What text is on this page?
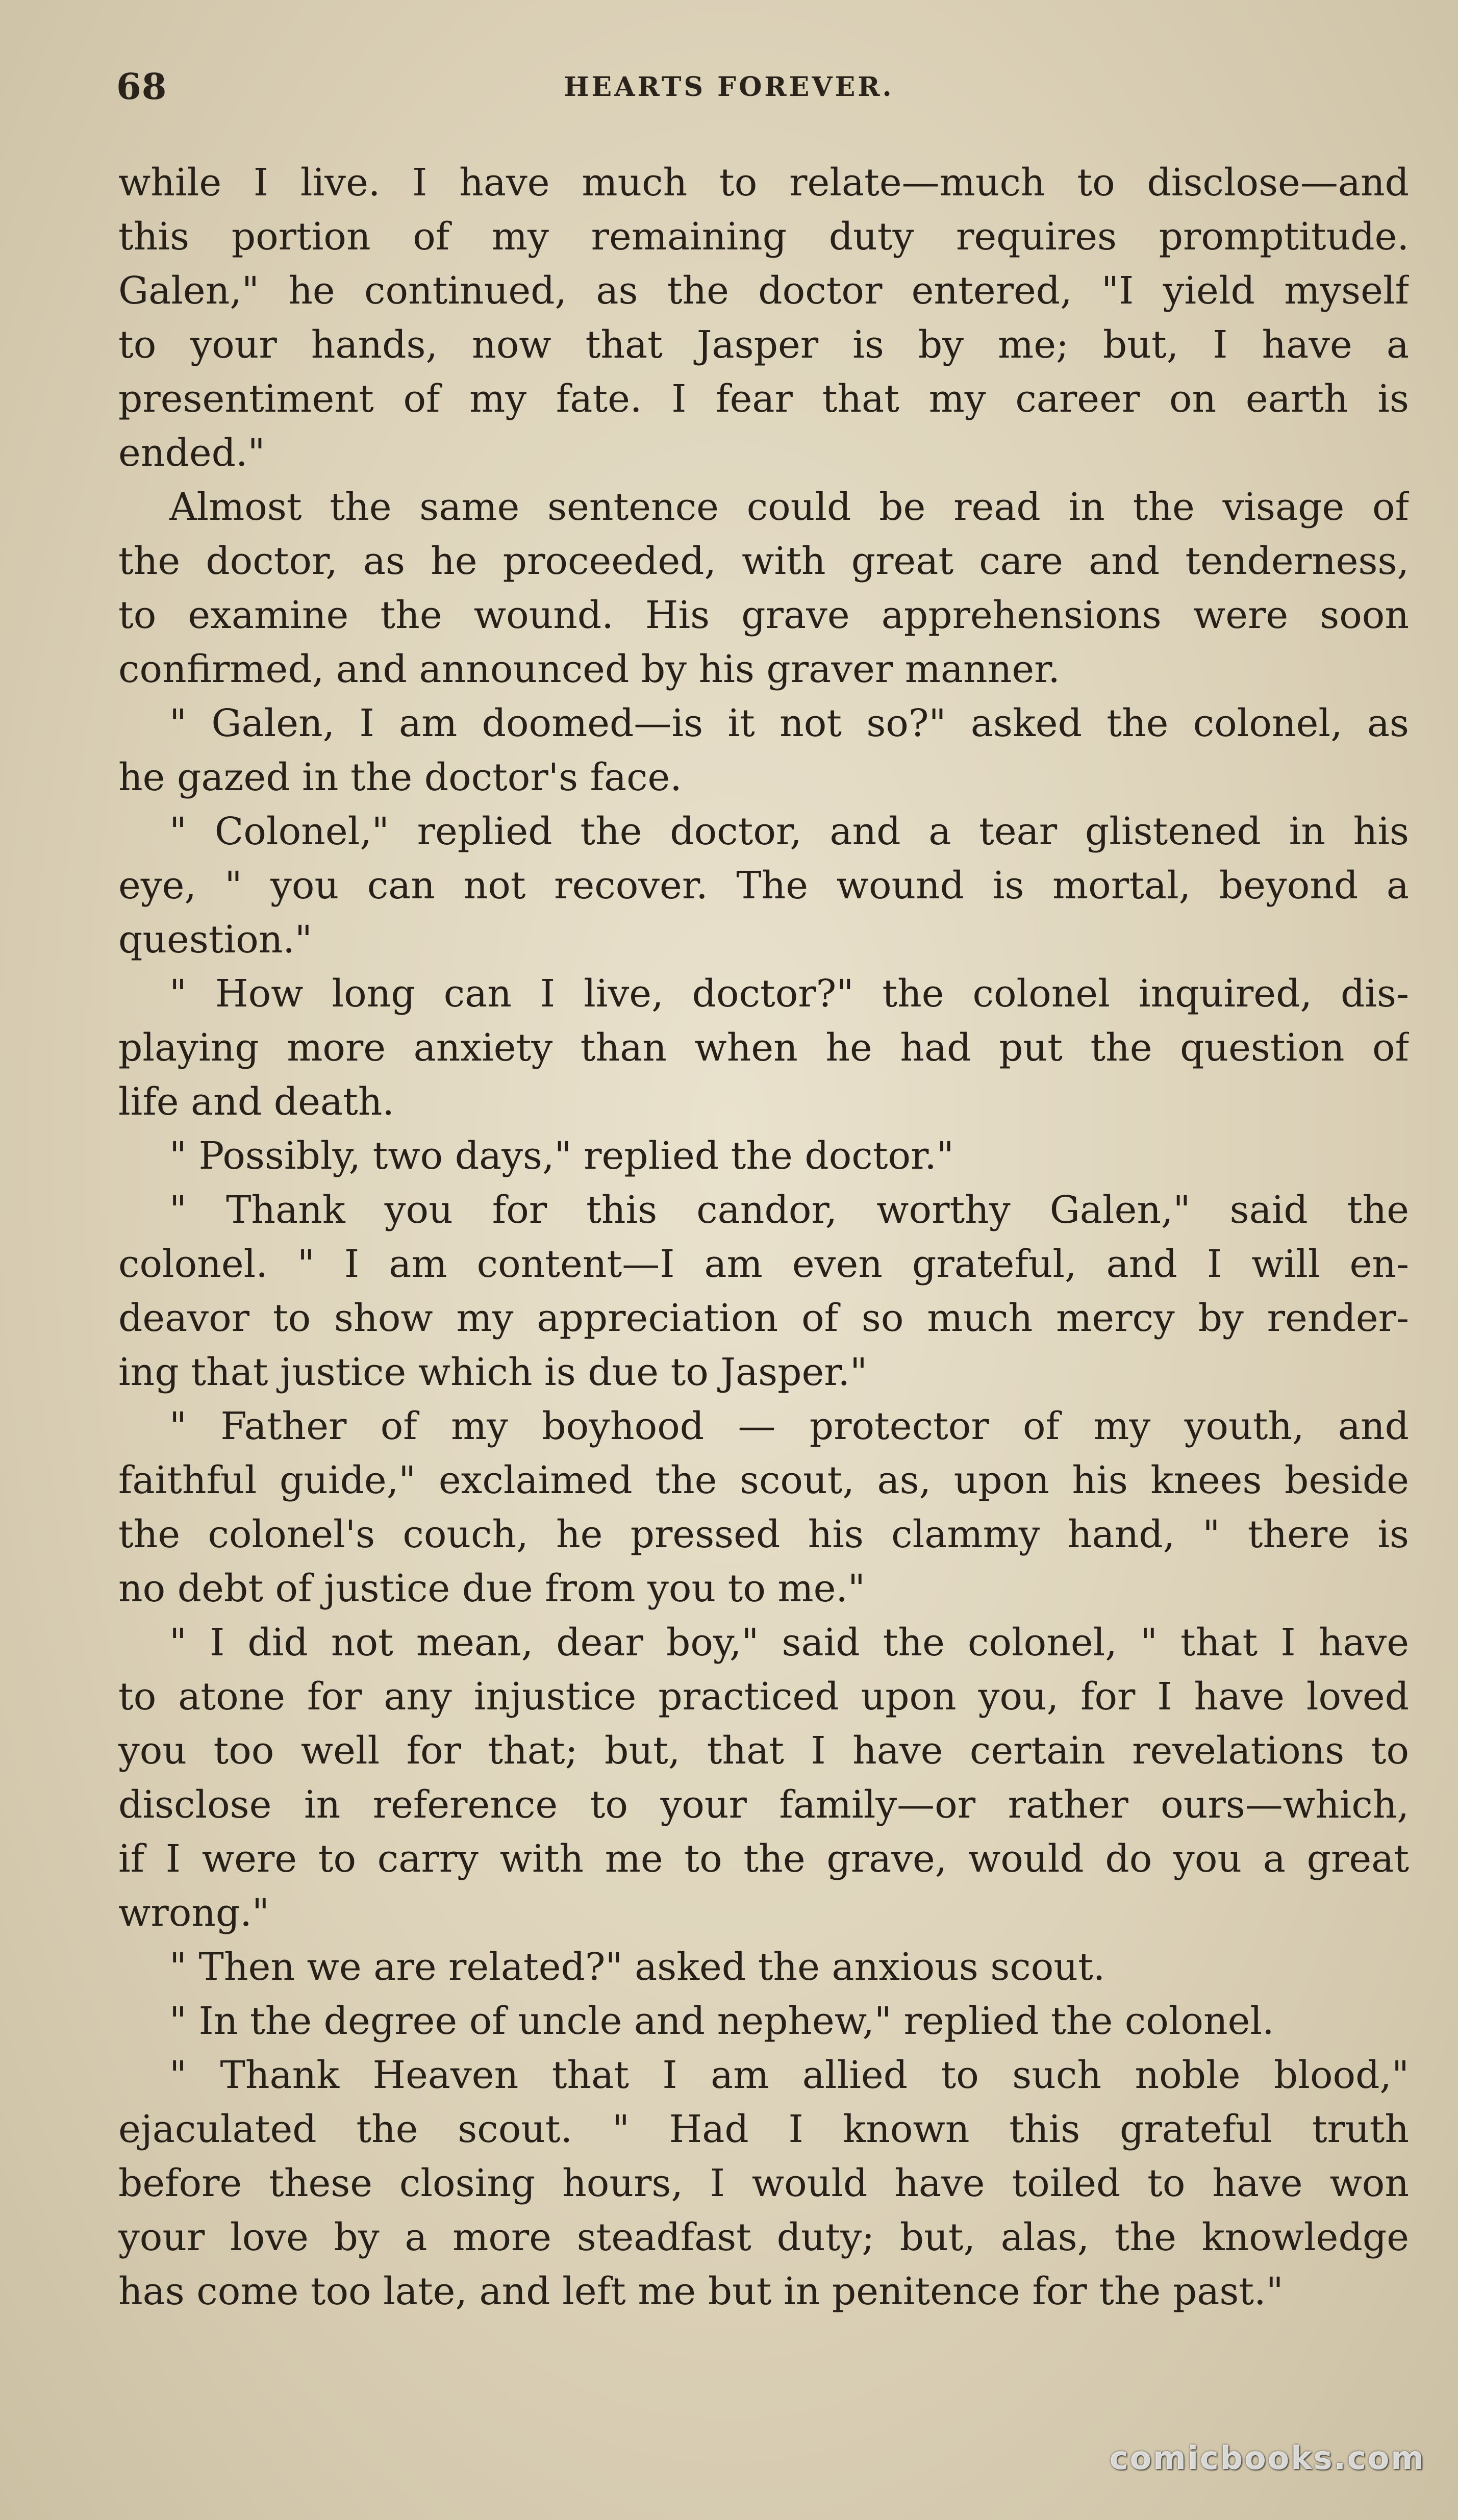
68	HEARTS FOREVER.
while I live. I have much to relate—much to disclose—and
this portion of my remaining duty requires promptitude.
Galen," he continued, as the doctor entered, "I yield myself
to your hands, now that Jasper is by me; but, I have a
presentiment of my fate. I fear that my career on earth is
ended."
Almost the same sentence could be read in the visage of
the doctor, as he proceeded, with great care and tenderness,
to examine the wound. His grave apprehensions were soon
confirmed, and announced by his graver manner.
" Galen, I am doomed—is it not so?" asked the colonel, as
he gazed in the doctor's face.
" Colonel," replied the doctor, and a tear glistened in his
eye, " you can not recover. The wound is mortal, beyond a
question."
" How long can I live, doctor?" the colonel inquired, dis-
playing more anxiety than when he had put the question of
life and death.
" Possibly, two days," replied the doctor."
" Thank you for this candor, worthy Galen," said the
colonel. " I am content—I am even grateful, and I will en-
deavor to show my appreciation of so much mercy by render-
ing that justice which is due to Jasper."
" Father of my boyhood — protector of my youth, and
faithful guide," exclaimed the scout, as, upon his knees beside
the colonel's couch, he pressed his clammy hand, " there is
no debt of justice due from you to me."
" I did not mean, dear boy," said the colonel, " that I have
to atone for any injustice practiced upon you, for I have loved
you too well for that; but, that I have certain revelations to
disclose in reference to your family—or rather ours—which,
if I were to carry with me to the grave, would do you a great
wrong."
" Then we are related?" asked the anxious scout.
" In the degree of uncle and nephew," replied the colonel.
" Thank Heaven that I am allied to such noble blood,"
ejaculated the scout. " Had I known this grateful truth
before these closing hours, I would have toiled to have won
your love by a more steadfast duty; but, alas, the knowledge
has come too late, and left me but in penitence for the past."
comicbooks.com
